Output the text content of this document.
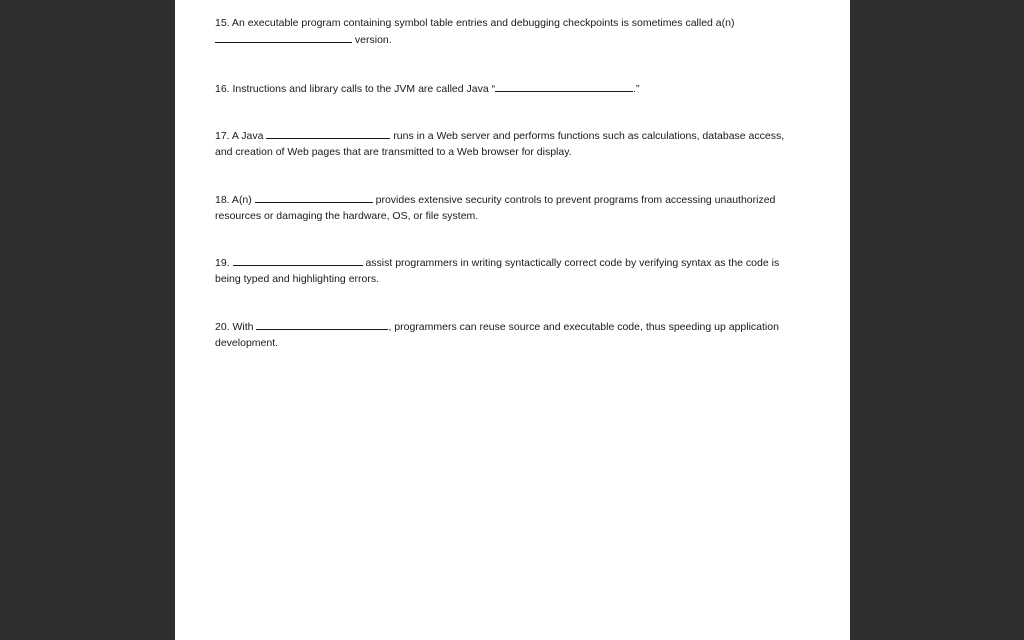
15. An executable program containing symbol table entries and debugging checkpoints is sometimes called a(n)
version.
16. Instructions and library calls to the JVM are called Java “	.”
17. A Java	runs in a Web server and performs functions such as calculations, database access,
and creation of Web pages that are transmitted to a Web browser for display.
18. A(n)	provides extensive security controls to prevent programs from accessing unauthorized
resources or damaging the hardware, OS, or file system.
19.	assist programmers in writing syntactically correct code by verifying syntax as the code is
being typed and highlighting errors.
20. With	, programmers can reuse source and executable code, thus speeding up application
development.
